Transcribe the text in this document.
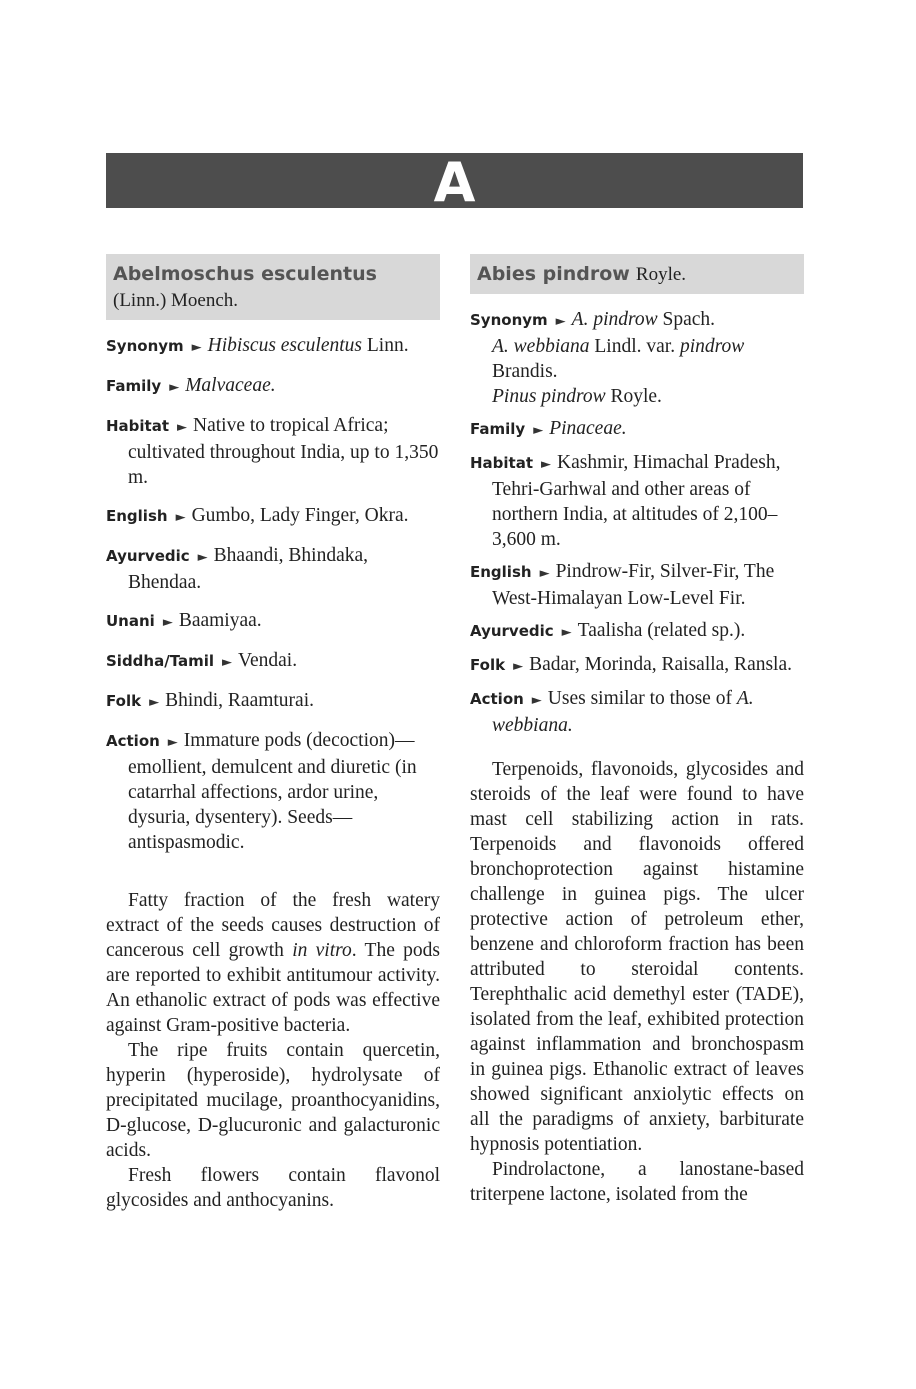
A
Abelmoschus esculentus
(Linn.) Moench.
Synonym ► Hibiscus esculentus Linn.
Family ► Malvaceae.
Habitat ► Native to tropical Africa; cultivated throughout India, up to 1,350 m.
English ► Gumbo, Lady Finger, Okra.
Ayurvedic ► Bhaandi, Bhindaka, Bhendaa.
Unani ► Baamiyaa.
Siddha/Tamil ► Vendai.
Folk ► Bhindi, Raamturai.
Action ► Immature pods (decoction)—emollient, demulcent and diuretic (in catarrhal affections, ardor urine, dysuria, dysentery). Seeds—antispasmodic.

Fatty fraction of the fresh watery extract of the seeds causes destruction of cancerous cell growth in vitro. The pods are reported to exhibit antitumour activity. An ethanolic extract of pods was effective against Gram-positive bacteria.

The ripe fruits contain quercetin, hyperin (hyperoside), hydrolysate of precipitated mucilage, proanthocyanidins, D-glucose, D-glucuronic and galacturonic acids.

Fresh flowers contain flavonol glycosides and anthocyanins.

Abies pindrow Royle.
Synonym ► A. pindrow Spach.
A. webbiana Lindl. var. pindrow Brandis.
Pinus pindrow Royle.
Family ► Pinaceae.
Habitat ► Kashmir, Himachal Pradesh, Tehri-Garhwal and other areas of northern India, at altitudes of 2,100–3,600 m.
English ► Pindrow-Fir, Silver-Fir, The West-Himalayan Low-Level Fir.
Ayurvedic ► Taalisha (related sp.).
Folk ► Badar, Morinda, Raisalla, Ransla.
Action ► Uses similar to those of A. webbiana.

Terpenoids, flavonoids, glycosides and steroids of the leaf were found to have mast cell stabilizing action in rats. Terpenoids and flavonoids offered bronchoprotection against histamine challenge in guinea pigs. The ulcer protective action of petroleum ether, benzene and chloroform fraction has been attributed to steroidal contents. Terephthalic acid demethyl ester (TADE), isolated from the leaf, exhibited protection against inflammation and bronchospasm in guinea pigs. Ethanolic extract of leaves showed significant anxiolytic effects on all the paradigms of anxiety, barbiturate hypnosis potentiation.

Pindrolactone, a lanostane-based triterpene lactone, isolated from the
